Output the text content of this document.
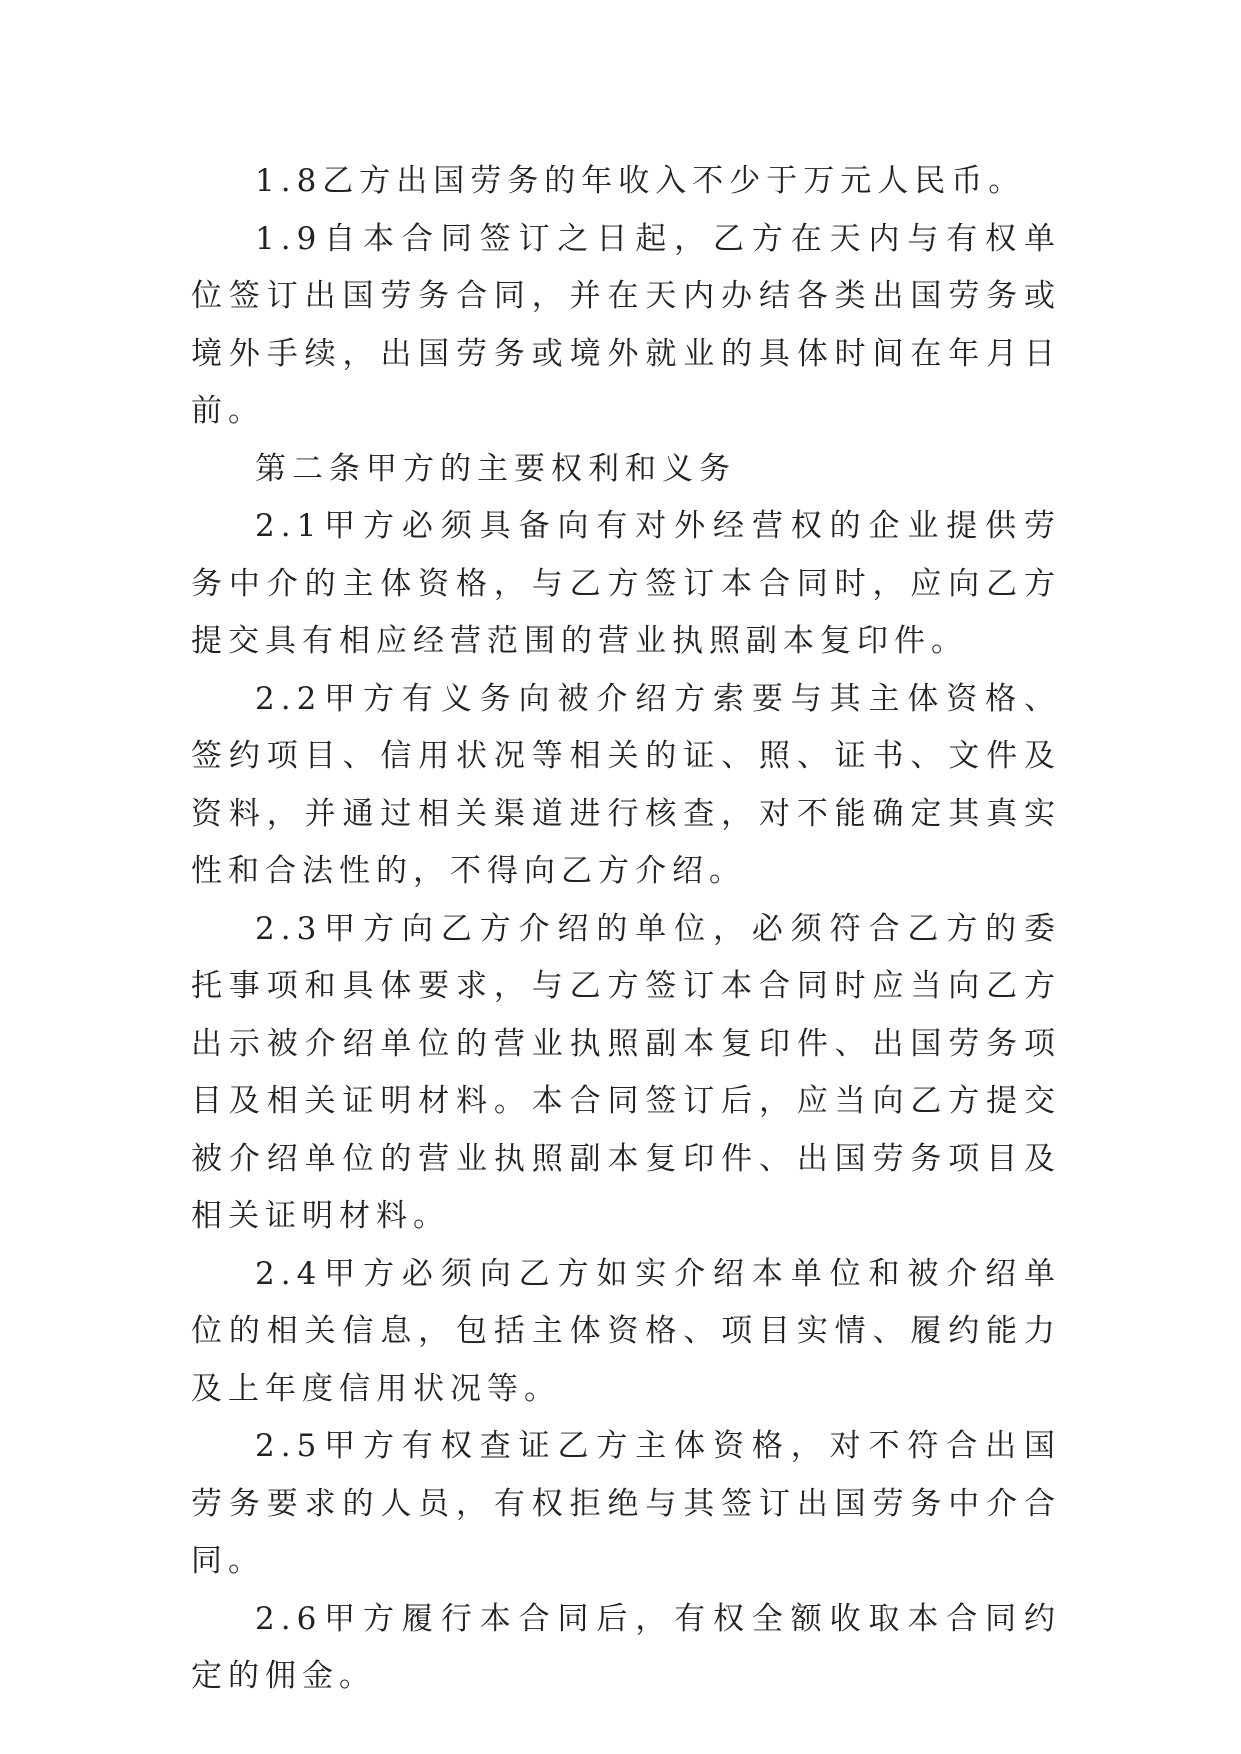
1.8乙方出国劳务的年收入不少于万元人民币。

1.9自本合同签订之日起，乙方在天内与有权单位签订出国劳务合同，并在天内办结各类出国劳务或境外手续，出国劳务或境外就业的具体时间在年月日前。

第二条甲方的主要权利和义务

2.1甲方必须具备向有对外经营权的企业提供劳务中介的主体资格，与乙方签订本合同时，应向乙方提交具有相应经营范围的营业执照副本复印件。

2.2甲方有义务向被介绍方索要与其主体资格、签约项目、信用状况等相关的证、照、证书、文件及资料，并通过相关渠道进行核查，对不能确定其真实性和合法性的，不得向乙方介绍。

2.3甲方向乙方介绍的单位，必须符合乙方的委托事项和具体要求，与乙方签订本合同时应当向乙方出示被介绍单位的营业执照副本复印件、出国劳务项目及相关证明材料。本合同签订后，应当向乙方提交被介绍单位的营业执照副本复印件、出国劳务项目及相关证明材料。

2.4甲方必须向乙方如实介绍本单位和被介绍单位的相关信息，包括主体资格、项目实情、履约能力及上年度信用状况等。

2.5甲方有权查证乙方主体资格，对不符合出国劳务要求的人员，有权拒绝与其签订出国劳务中介合同。

2.6甲方履行本合同后，有权全额收取本合同约定的佣金。
